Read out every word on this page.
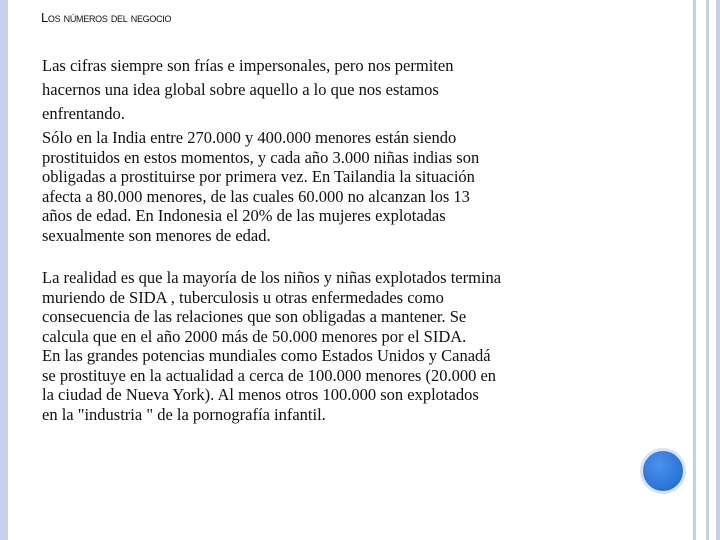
Los números del negocio

Las cifras siempre son frías e impersonales, pero nos permiten
hacernos una idea global sobre aquello a lo que nos estamos
enfrentando.

Sólo en la India entre 270.000 y 400.000 menores están siendo
prostituidos en estos momentos, y cada año 3.000 niñas indias son
obligadas a prostituirse por primera vez. En Tailandia la situación
afecta a 80.000 menores, de las cuales 60.000 no alcanzan los 13
años de edad. En Indonesia el 20% de las mujeres explotadas
sexualmente son menores de edad.

La realidad es que la mayoría de los niños y niñas explotados termina
muriendo de SIDA , tuberculosis u otras enfermedades como
consecuencia de las relaciones que son obligadas a mantener. Se
calcula que en el año 2000 más de 50.000 menores por el SIDA.
En las grandes potencias mundiales como Estados Unidos y Canadá
se prostituye en la actualidad a cerca de 100.000 menores (20.000 en
la ciudad de Nueva York). Al menos otros 100.000 son explotados
en la "industria " de la pornografía infantil.
